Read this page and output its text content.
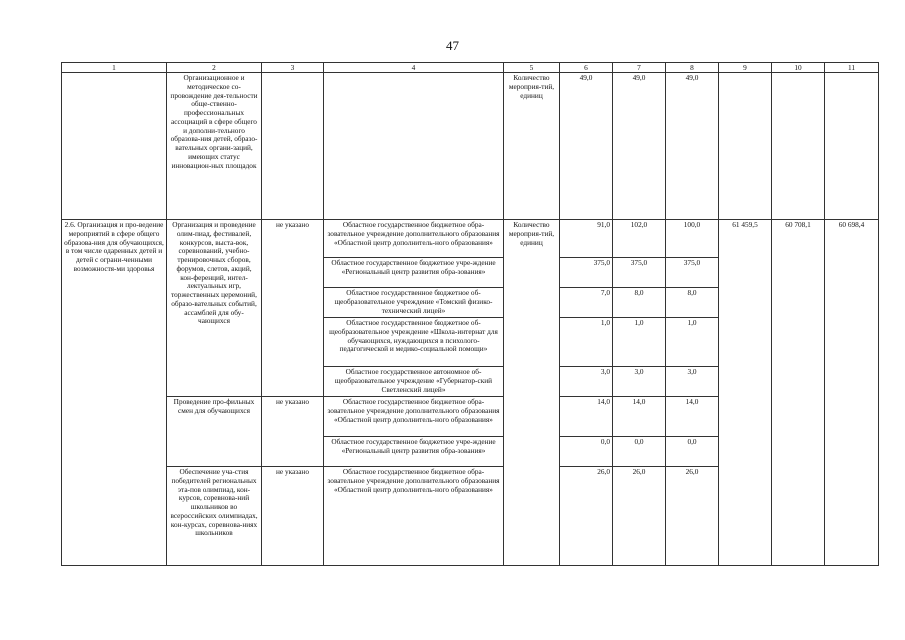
47
1	2	3	4	5	6	7	8	9	10	11
	Организационное и методическое со-провождение дея-тельности обще-ственно-профессиональных ассоциаций в сфере общего и дополни-тельного образова-ния детей, образо-вательных органи-заций, имеющих статус инновацион-ных площадок			Количество мероприя-тий, единиц	49,0	49,0	49,0			
2.6. Организация и про-ведение мероприятий в сфере общего образова-ния для обучающихся, в том числе одаренных детей и детей с ограни-ченными возможностя-ми здоровья	Организация и проведение олим-пиад, фестивалей, конкурсов, выста-вок, соревнований, учебно-тренировочных сборов, форумов, слетов, акций, кон-ференций, интел-лектуальных игр, торжественных церемоний, образо-вательных событий, ассамблей для обу-чающихся	не указано	Областное государственное бюджетное обра-зовательное учреждение дополнительного образования «Областной центр дополнитель-ного образования»	Количество мероприя-тий, единиц	91,0	102,0	100,0	61 459,5	60 708,1	60 698,4
			Областное государственное бюджетное учре-ждение «Региональный центр развития обра-зования»		375,0	375,0	375,0			
			Областное государственное бюджетное об-щеобразовательное учреждение «Томский физико-технический лицей»		7,0	8,0	8,0			
			Областное государственное бюджетное об-щеобразовательное учреждение «Школа-интернат для обучающихся, нуждающихся в психолого-педагогической и медико-социальной помощи»		1,0	1,0	1,0			
			Областное государственное автономное об-щеобразовательное учреждение «Губернатор-ский Светленский лицей»		3,0	3,0	3,0			
	Проведение про-фильных смен для обучающихся	не указано	Областное государственное бюджетное обра-зовательное учреждение дополнительного образования «Областной центр дополнитель-ного образования»		14,0	14,0	14,0			
			Областное государственное бюджетное учре-ждение «Региональный центр развития обра-зования»		0,0	0,0	0,0			
	Обеспечение уча-стия победителей региональных эта-пов олимпиад, кон-курсов, соревнова-ний школьников во всероссийских олимпиадах, кон-курсах, соревнова-ниях школьников	не указано	Областное государственное бюджетное обра-зовательное учреждение дополнительного образования «Областной центр дополнитель-ного образования»		26,0	26,0	26,0			
